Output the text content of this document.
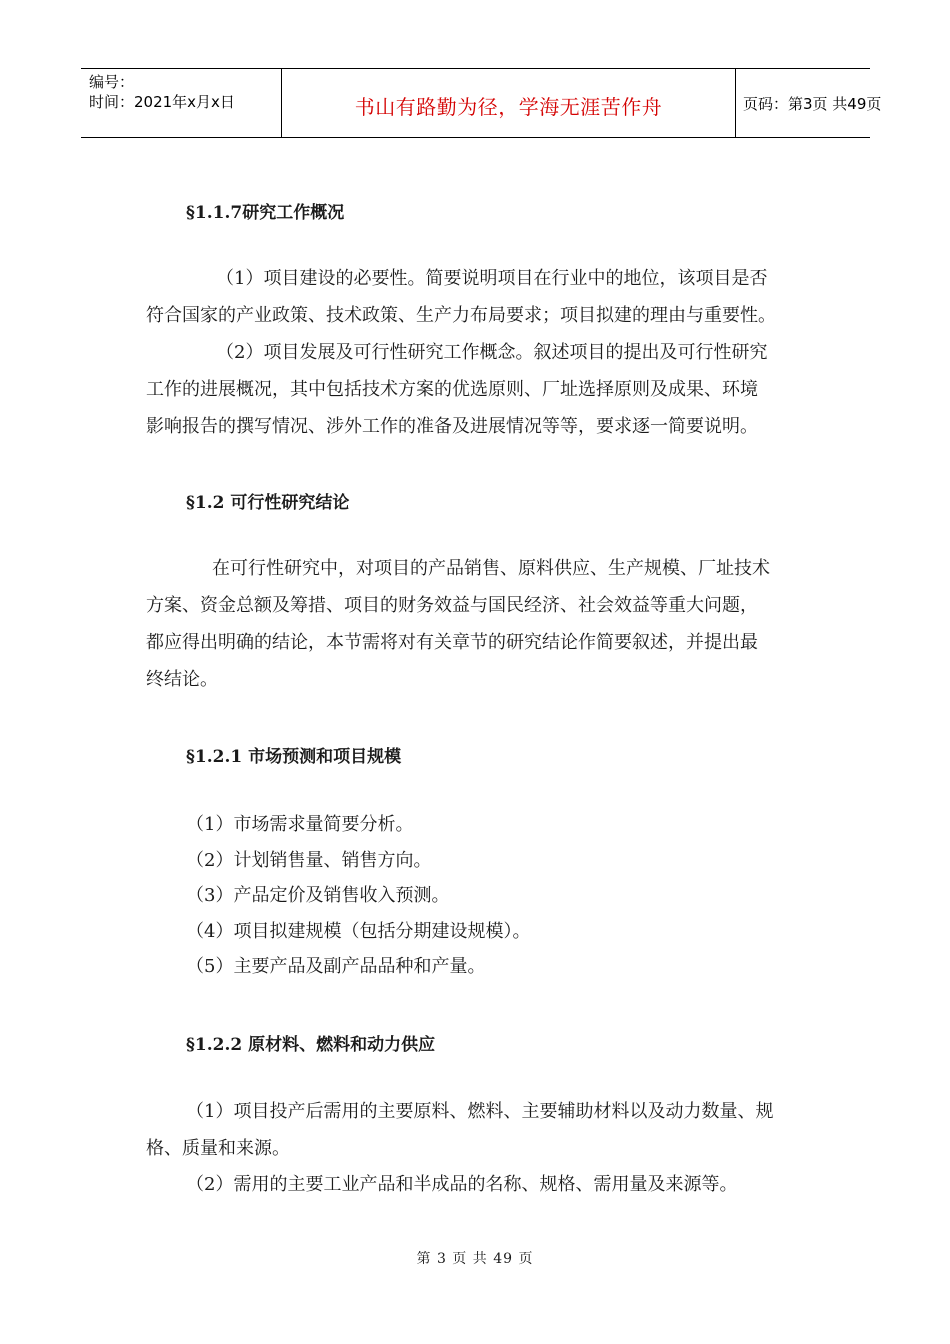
编号：
时间：2021年x月x日	书山有路勤为径，学海无涯苦作舟	页码：第3页 共49页
§1.1.7研究工作概况
（1）项目建设的必要性。简要说明项目在行业中的地位，该项目是否
符合国家的产业政策、技术政策、生产力布局要求；项目拟建的理由与重要性。
（2）项目发展及可行性研究工作概念。叙述项目的提出及可行性研究
工作的进展概况，其中包括技术方案的优选原则、厂址选择原则及成果、环境
影响报告的撰写情况、涉外工作的准备及进展情况等等，要求逐一简要说明。
§1.2 可行性研究结论
在可行性研究中，对项目的产品销售、原料供应、生产规模、厂址技术
方案、资金总额及筹措、项目的财务效益与国民经济、社会效益等重大问题，
都应得出明确的结论，本节需将对有关章节的研究结论作简要叙述，并提出最
终结论。
§1.2.1 市场预测和项目规模
（1）市场需求量简要分析。
（2）计划销售量、销售方向。
（3）产品定价及销售收入预测。
（4）项目拟建规模（包括分期建设规模）。
（5）主要产品及副产品品种和产量。
§1.2.2 原材料、燃料和动力供应
（1）项目投产后需用的主要原料、燃料、主要辅助材料以及动力数量、规
格、质量和来源。
（2）需用的主要工业产品和半成品的名称、规格、需用量及来源等。
第 3 页 共 49 页
